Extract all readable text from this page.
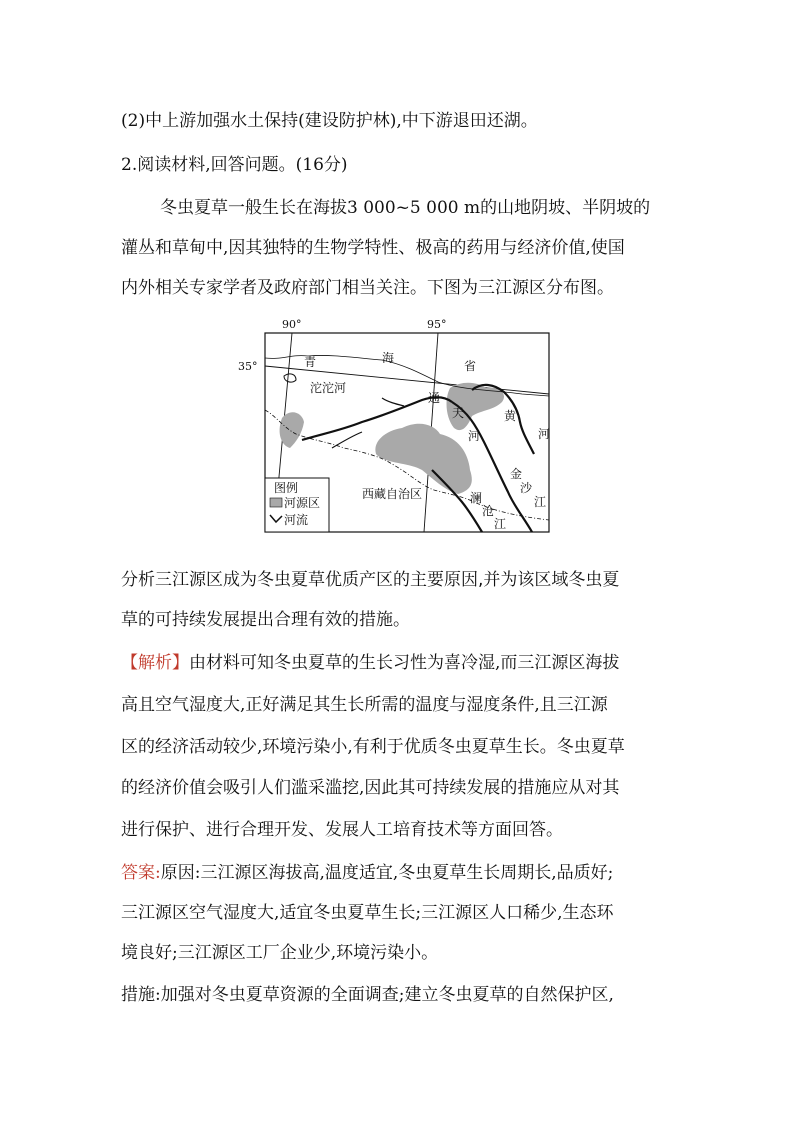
(2)中上游加强水土保持(建设防护林),中下游退田还湖。
2.阅读材料,回答问题。(16分)
冬虫夏草一般生长在海拔3 000~5 000 m的山地阴坡、半阴坡的
灌丛和草甸中,因其独特的生物学特性、极高的药用与经济价值,使国
内外相关专家学者及政府部门相当关注。下图为三江源区分布图。
90°	95°
35°	青	海
省
沱沱河
通
天
河
黄
河
金
沙
江
澜
沧
江
西藏自治区
图例
河源区
河流
分析三江源区成为冬虫夏草优质产区的主要原因,并为该区域冬虫夏
草的可持续发展提出合理有效的措施。
【解析】由材料可知冬虫夏草的生长习性为喜冷湿,而三江源区海拔
高且空气湿度大,正好满足其生长所需的温度与湿度条件,且三江源
区的经济活动较少,环境污染小,有利于优质冬虫夏草生长。冬虫夏草
的经济价值会吸引人们滥采滥挖,因此其可持续发展的措施应从对其
进行保护、进行合理开发、发展人工培育技术等方面回答。
答案:原因:三江源区海拔高,温度适宜,冬虫夏草生长周期长,品质好;
三江源区空气湿度大,适宜冬虫夏草生长;三江源区人口稀少,生态环
境良好;三江源区工厂企业少,环境污染小。
措施:加强对冬虫夏草资源的全面调查;建立冬虫夏草的自然保护区,
